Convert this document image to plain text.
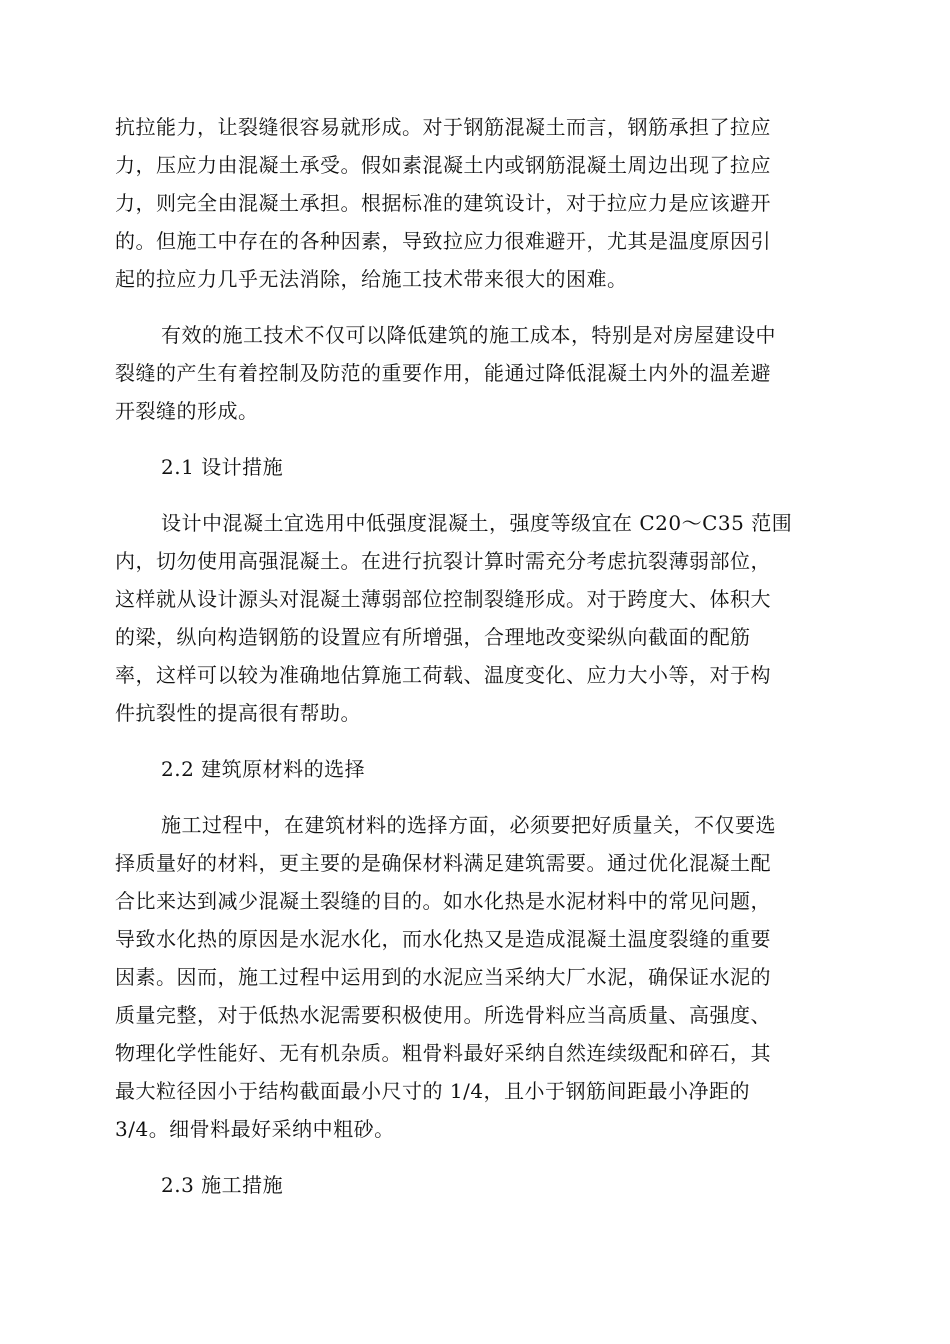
抗拉能力，让裂缝很容易就形成。对于钢筋混凝土而言，钢筋承担了拉应
力，压应力由混凝土承受。假如素混凝土内或钢筋混凝土周边出现了拉应
力，则完全由混凝土承担。根据标准的建筑设计，对于拉应力是应该避开
的。但施工中存在的各种因素，导致拉应力很难避开，尤其是温度原因引
起的拉应力几乎无法消除，给施工技术带来很大的困难。
有效的施工技术不仅可以降低建筑的施工成本，特别是对房屋建设中
裂缝的产生有着控制及防范的重要作用，能通过降低混凝土内外的温差避
开裂缝的形成。
2.1 设计措施
设计中混凝土宜选用中低强度混凝土，强度等级宜在 C20～C35 范围
内，切勿使用高强混凝土。在进行抗裂计算时需充分考虑抗裂薄弱部位，
这样就从设计源头对混凝土薄弱部位控制裂缝形成。对于跨度大、体积大
的梁，纵向构造钢筋的设置应有所增强，合理地改变梁纵向截面的配筋
率，这样可以较为准确地估算施工荷载、温度变化、应力大小等，对于构
件抗裂性的提高很有帮助。
2.2 建筑原材料的选择
施工过程中，在建筑材料的选择方面，必须要把好质量关，不仅要选
择质量好的材料，更主要的是确保材料满足建筑需要。通过优化混凝土配
合比来达到减少混凝土裂缝的目的。如水化热是水泥材料中的常见问题，
导致水化热的原因是水泥水化，而水化热又是造成混凝土温度裂缝的重要
因素。因而，施工过程中运用到的水泥应当采纳大厂水泥，确保证水泥的
质量完整，对于低热水泥需要积极使用。所选骨料应当高质量、高强度、
物理化学性能好、无有机杂质。粗骨料最好采纳自然连续级配和碎石，其
最大粒径因小于结构截面最小尺寸的 1/4，且小于钢筋间距最小净距的
3/4。细骨料最好采纳中粗砂。
2.3 施工措施
